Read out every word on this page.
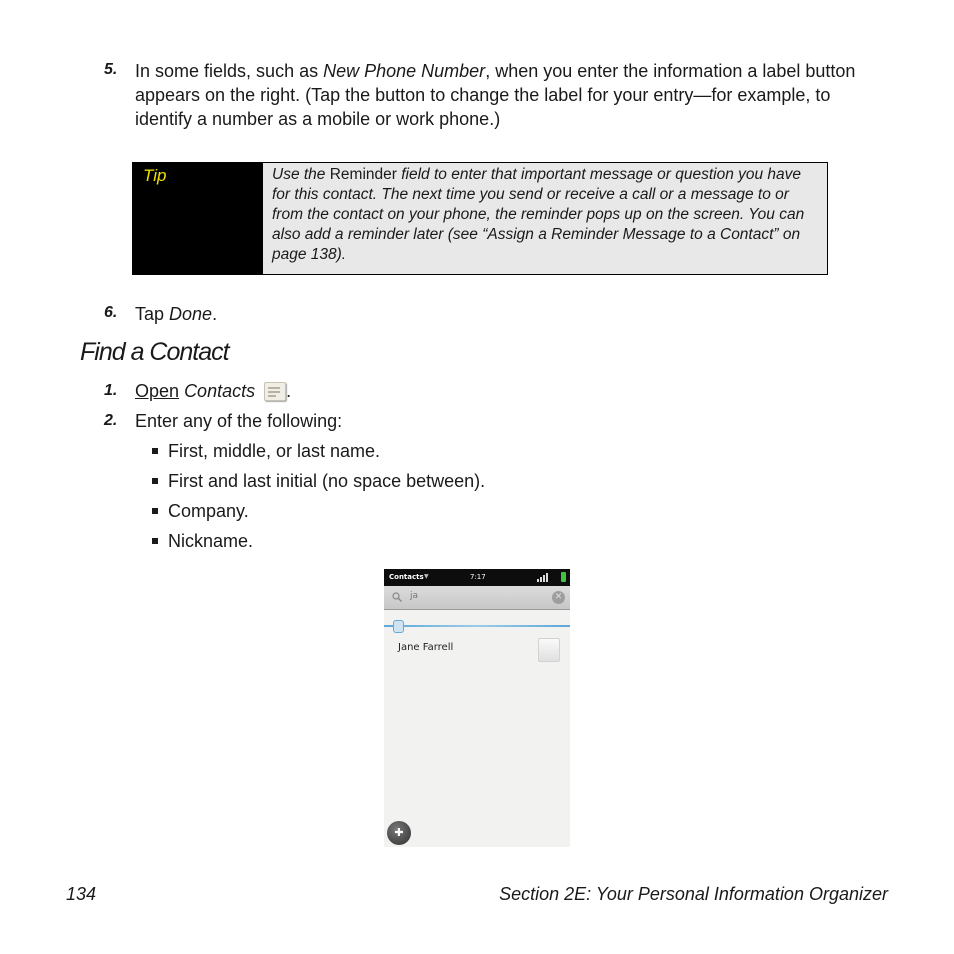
5. In some fields, such as New Phone Number, when you enter the information a label button appears on the right. (Tap the button to change the label for your entry—for example, to identify a number as a mobile or work phone.)
Tip	Use the Reminder field to enter that important message or question you have for this contact. The next time you send or receive a call or a message to or from the contact on your phone, the reminder pops up on the screen. You can also add a reminder later (see “Assign a Reminder Message to a Contact” on page 138).
6. Tap Done.
Find a Contact
1. Open
Contacts .
2. Enter any of the following:
First, middle, or last name.
First and last initial (no space between).
Company.
Nickname.
Contacts ▼	7:17
ja	✕
Jane Farrell
✚
134	Section 2E: Your Personal Information Organizer
